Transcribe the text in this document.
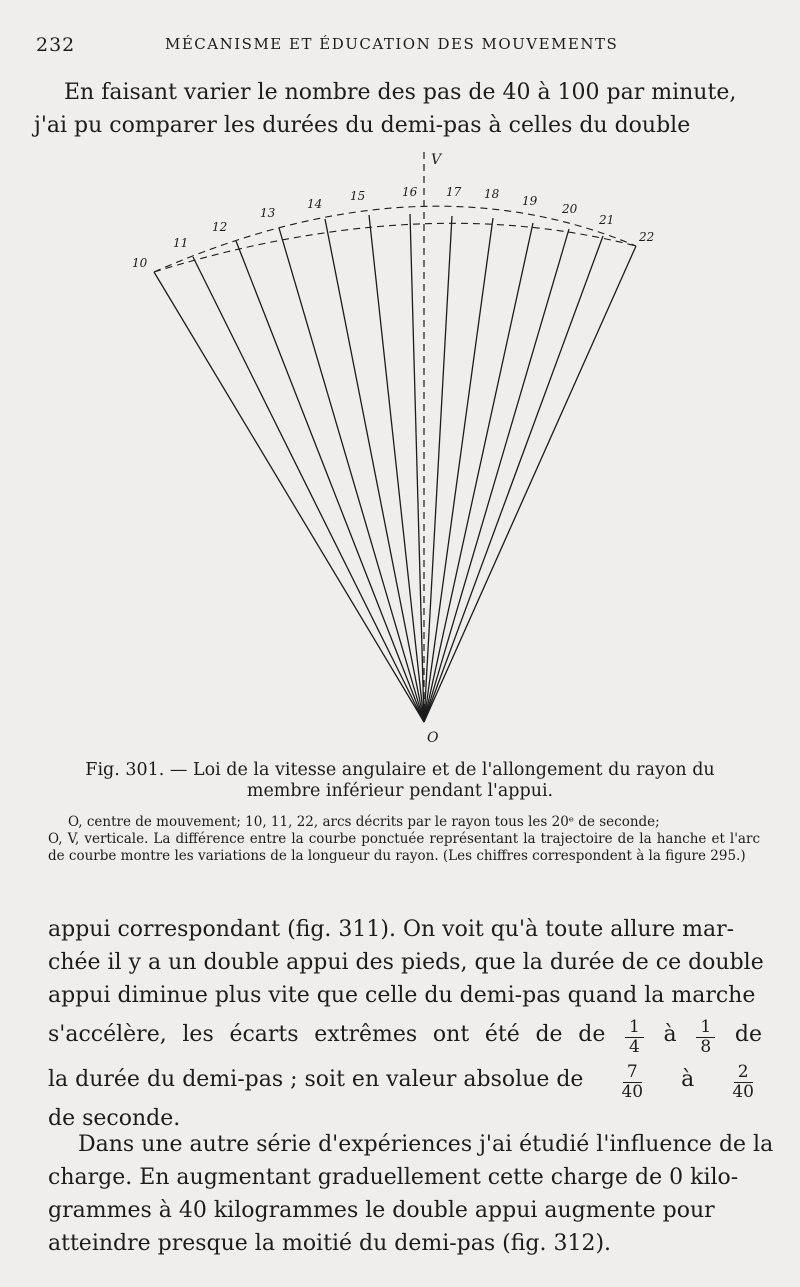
232	MÉCANISME ET ÉDUCATION DES MOUVEMENTS
En faisant varier le nombre des pas de 40 à 100 par minute,
j'ai pu comparer les durées du demi-pas à celles du double
10
11
12
13
14
15	16 17 18 19
20
21
22
V
O
Fig. 301. — Loi de la vitesse angulaire et de l'allongement du rayon du
membre inférieur pendant l'appui.
O, centre de mouvement; 10, 11, 22, arcs décrits par le rayon tous les 20ᵉ de seconde;
O, V, verticale. La différence entre la courbe ponctuée représentant la trajectoire de la hanche et l'arc de courbe montre les variations de la longueur du rayon. (Les chiffres correspondent à la figure 295.)
appui correspondant (fig. 311). On voit qu'à toute allure mar-
chée il y a un double appui des pieds, que la durée de ce double
appui diminue plus vite que celle du demi-pas quand la marche
s'accélère, les écarts extrêmes ont été de de $\frac{1}{4}$ à $\frac{1}{8}$ de
la durée du demi-pas ; soit en valeur absolue de $\frac{7}{40}$ à $\frac{2}{40}$
de seconde.
Dans une autre série d'expériences j'ai étudié l'influence de la
charge. En augmentant graduellement cette charge de 0 kilo-
grammes à 40 kilogrammes le double appui augmente pour
atteindre presque la moitié du demi-pas (fig. 312).
